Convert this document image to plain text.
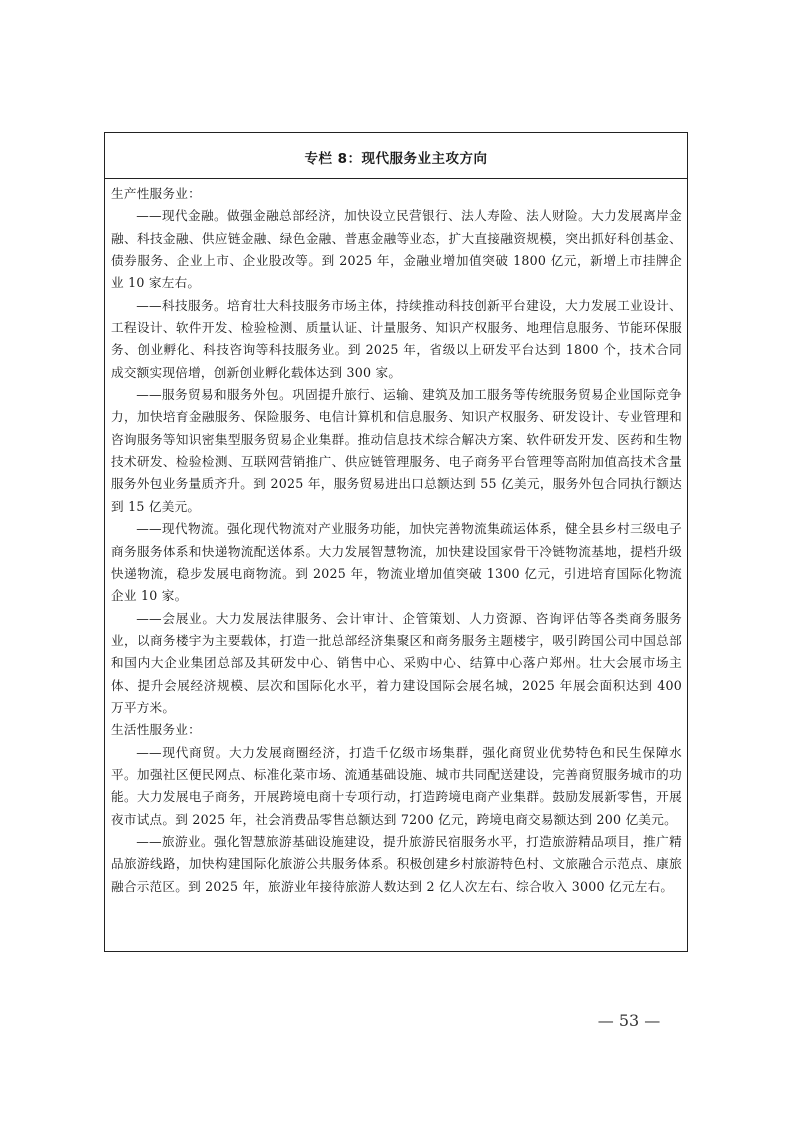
专栏 8：现代服务业主攻方向

生产性服务业：

——现代金融。做强金融总部经济，加快设立民营银行、法人寿险、法人财险。大力发展离岸金融、科技金融、供应链金融、绿色金融、普惠金融等业态，扩大直接融资规模，突出抓好科创基金、债券服务、企业上市、企业股改等。到 2025 年，金融业增加值突破 1800 亿元，新增上市挂牌企业 10 家左右。

——科技服务。培育壮大科技服务市场主体，持续推动科技创新平台建设，大力发展工业设计、工程设计、软件开发、检验检测、质量认证、计量服务、知识产权服务、地理信息服务、节能环保服务、创业孵化、科技咨询等科技服务业。到 2025 年，省级以上研发平台达到 1800 个，技术合同成交额实现倍增，创新创业孵化载体达到 300 家。

——服务贸易和服务外包。巩固提升旅行、运输、建筑及加工服务等传统服务贸易企业国际竞争力，加快培育金融服务、保险服务、电信计算机和信息服务、知识产权服务、研发设计、专业管理和咨询服务等知识密集型服务贸易企业集群。推动信息技术综合解决方案、软件研发开发、医药和生物技术研发、检验检测、互联网营销推广、供应链管理服务、电子商务平台管理等高附加值高技术含量服务外包业务量质齐升。到 2025 年，服务贸易进出口总额达到 55 亿美元，服务外包合同执行额达到 15 亿美元。

——现代物流。强化现代物流对产业服务功能，加快完善物流集疏运体系，健全县乡村三级电子商务服务体系和快递物流配送体系。大力发展智慧物流，加快建设国家骨干冷链物流基地，提档升级快递物流，稳步发展电商物流。到 2025 年，物流业增加值突破 1300 亿元，引进培育国际化物流企业 10 家。

——会展业。大力发展法律服务、会计审计、企管策划、人力资源、咨询评估等各类商务服务业，以商务楼宇为主要载体，打造一批总部经济集聚区和商务服务主题楼宇，吸引跨国公司中国总部和国内大企业集团总部及其研发中心、销售中心、采购中心、结算中心落户郑州。壮大会展市场主体、提升会展经济规模、层次和国际化水平，着力建设国际会展名城，2025 年展会面积达到 400 万平方米。

生活性服务业：

——现代商贸。大力发展商圈经济，打造千亿级市场集群，强化商贸业优势特色和民生保障水平。加强社区便民网点、标准化菜市场、流通基础设施、城市共同配送建设，完善商贸服务城市的功能。大力发展电子商务，开展跨境电商十专项行动，打造跨境电商产业集群。鼓励发展新零售，开展夜市试点。到 2025 年，社会消费品零售总额达到 7200 亿元，跨境电商交易额达到 200 亿美元。

——旅游业。强化智慧旅游基础设施建设，提升旅游民宿服务水平，打造旅游精品项目，推广精品旅游线路，加快构建国际化旅游公共服务体系。积极创建乡村旅游特色村、文旅融合示范点、康旅融合示范区。到 2025 年，旅游业年接待旅游人数达到 2 亿人次左右、综合收入 3000 亿元左右。

— 53 —
